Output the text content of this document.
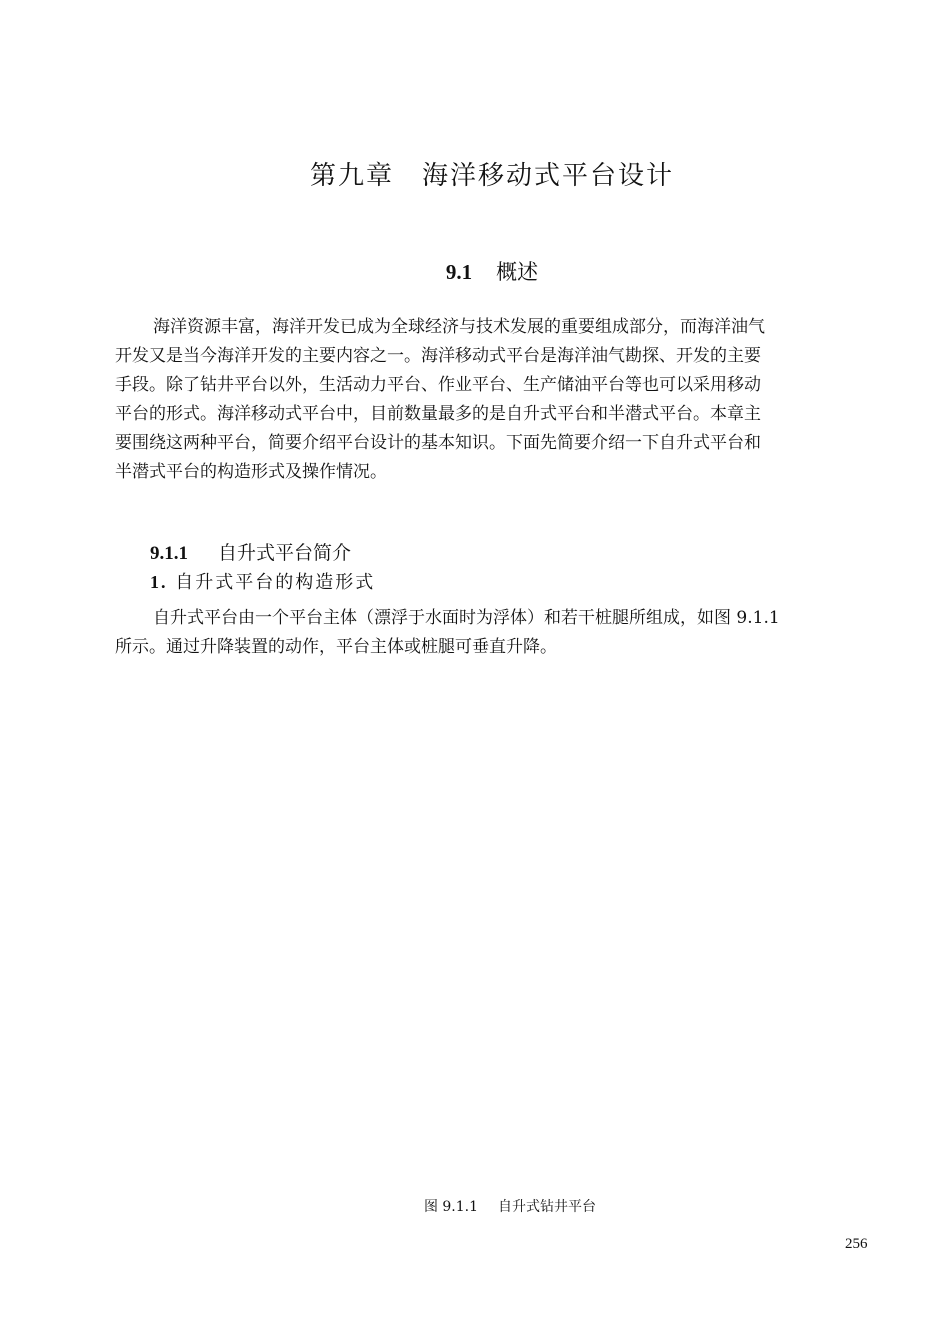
第九章 海洋移动式平台设计
9.1 概述
海洋资源丰富，海洋开发已成为全球经济与技术发展的重要组成部分，而海洋油气
开发又是当今海洋开发的主要内容之一。海洋移动式平台是海洋油气勘探、开发的主要
手段。除了钻井平台以外，生活动力平台、作业平台、生产储油平台等也可以采用移动
平台的形式。海洋移动式平台中，目前数量最多的是自升式平台和半潜式平台。本章主
要围绕这两种平台，简要介绍平台设计的基本知识。下面先简要介绍一下自升式平台和
半潜式平台的构造形式及操作情况。
9.1.1 自升式平台简介
1. 自升式平台的构造形式
自升式平台由一个平台主体（漂浮于水面时为浮体）和若干桩腿所组成，如图 9.1.1
所示。通过升降装置的动作，平台主体或桩腿可垂直升降。
图 9.1.1 自升式钻井平台
256
